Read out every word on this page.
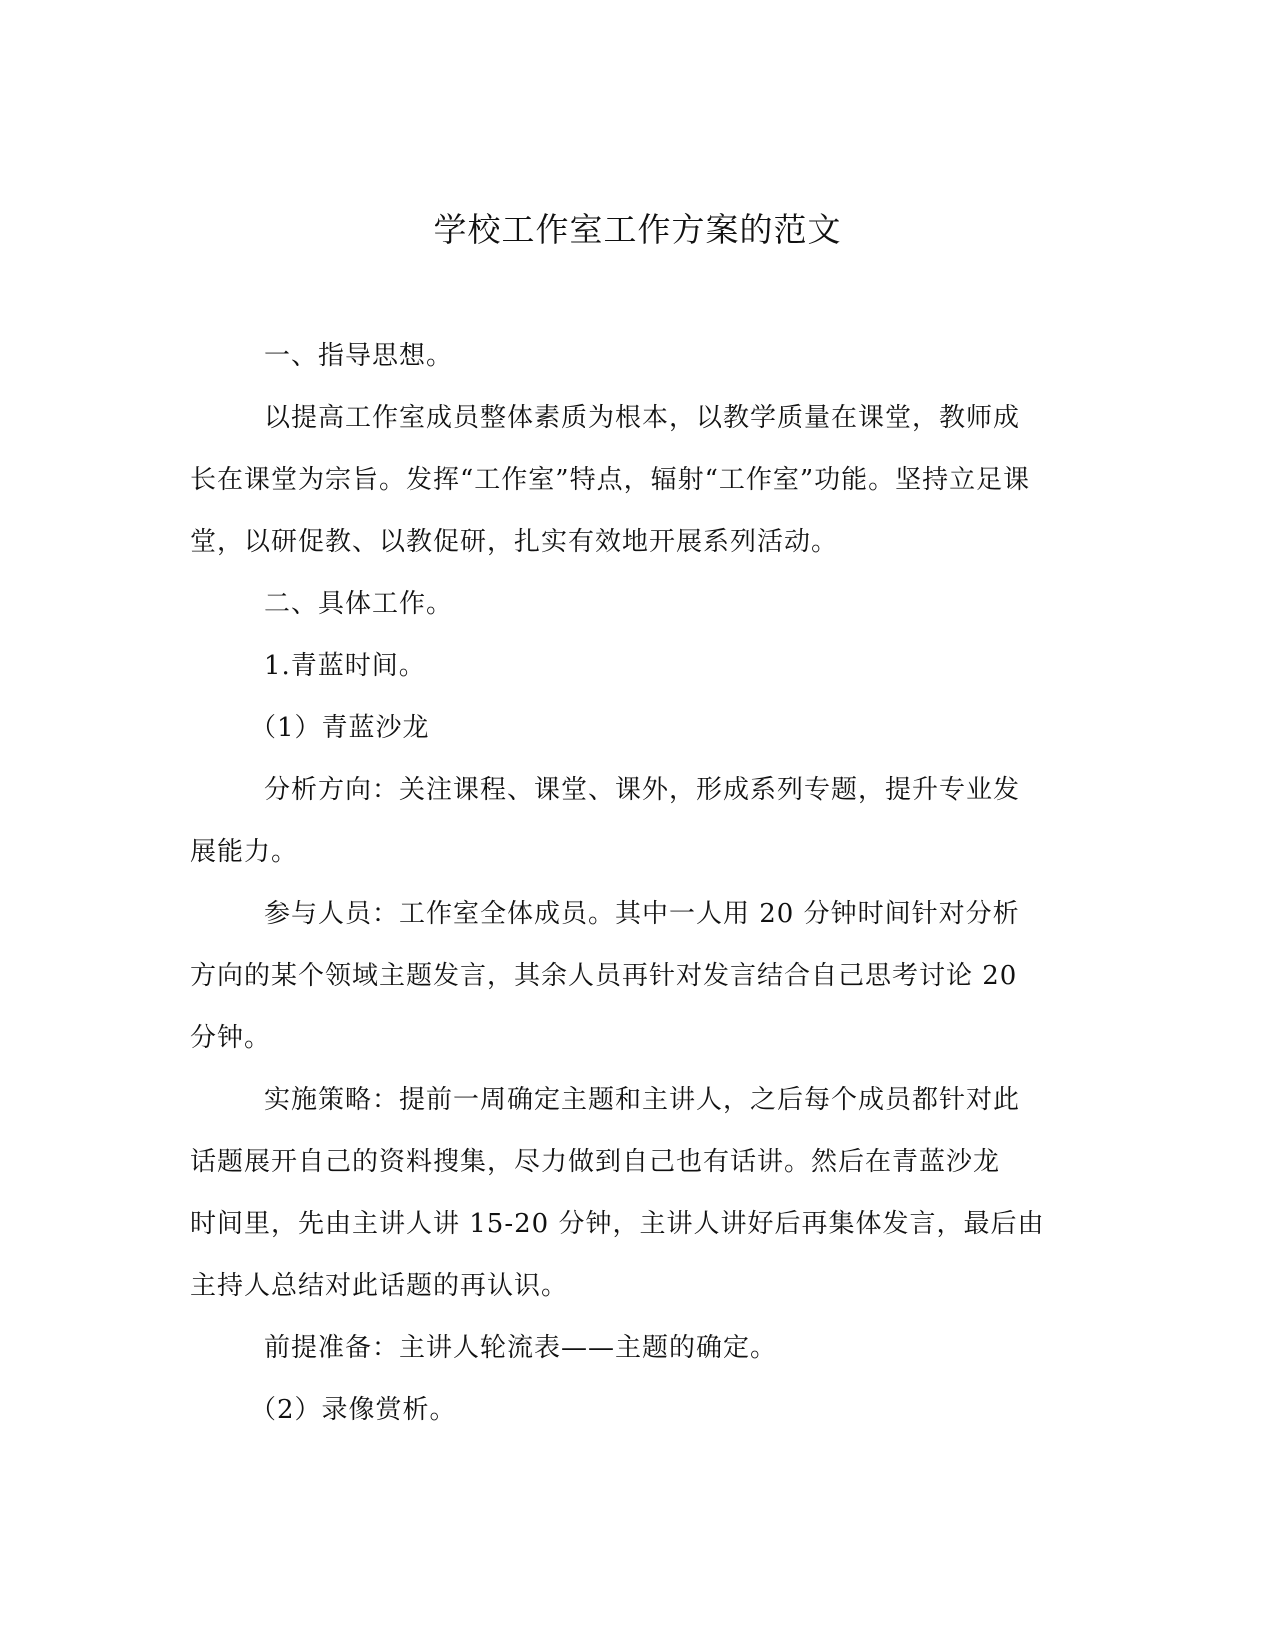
学校工作室工作方案的范文

一、指导思想。

以提高工作室成员整体素质为根本，以教学质量在课堂，教师成
长在课堂为宗旨。发挥“工作室”特点，辐射“工作室”功能。坚持立足课
堂，以研促教、以教促研，扎实有效地开展系列活动。

二、具体工作。

1.青蓝时间。

（1）青蓝沙龙

分析方向：关注课程、课堂、课外，形成系列专题，提升专业发
展能力。

参与人员：工作室全体成员。其中一人用 20 分钟时间针对分析
方向的某个领域主题发言，其余人员再针对发言结合自己思考讨论 20
分钟。

实施策略：提前一周确定主题和主讲人，之后每个成员都针对此
话题展开自己的资料搜集，尽力做到自己也有话讲。然后在青蓝沙龙
时间里，先由主讲人讲 15-20 分钟，主讲人讲好后再集体发言，最后由
主持人总结对此话题的再认识。

前提准备：主讲人轮流表——主题的确定。

（2）录像赏析。
